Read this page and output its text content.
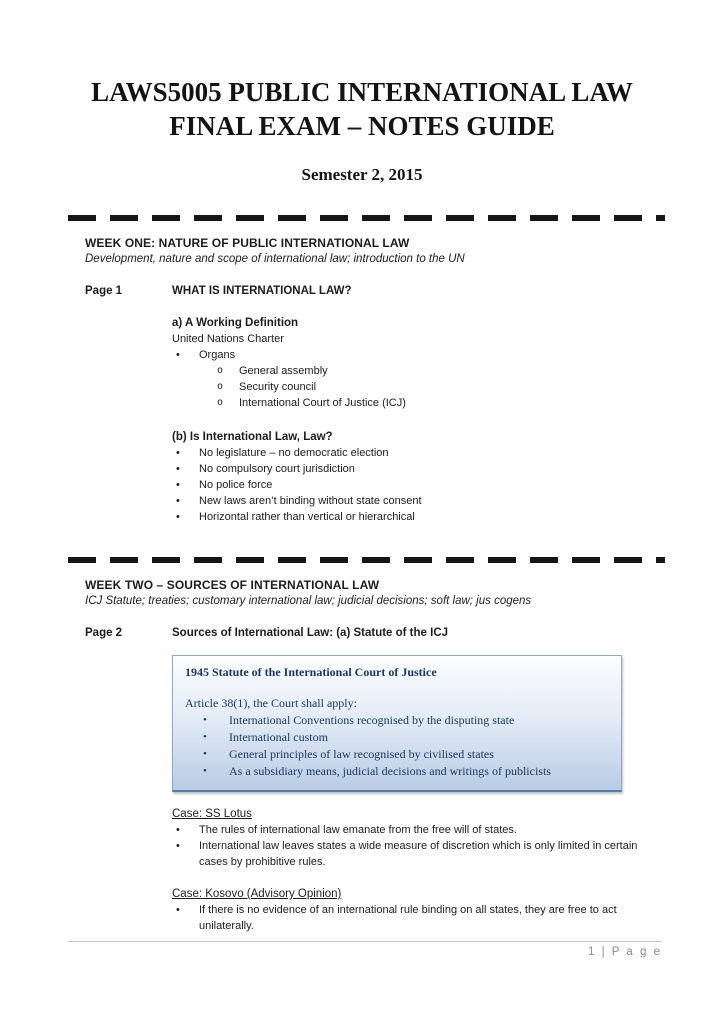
LAWS5005 PUBLIC INTERNATIONAL LAW
FINAL EXAM – NOTES GUIDE
Semester 2, 2015
WEEK ONE: NATURE OF PUBLIC INTERNATIONAL LAW
Development, nature and scope of international law; introduction to the UN
Page 1	WHAT IS INTERNATIONAL LAW?
a) A Working Definition
United Nations Charter
• Organs
o General assembly
o Security council
o International Court of Justice (ICJ)
(b) Is International Law, Law?
• No legislature – no democratic election
• No compulsory court jurisdiction
• No police force
• New laws aren’t binding without state consent
• Horizontal rather than vertical or hierarchical
WEEK TWO – SOURCES OF INTERNATIONAL LAW
ICJ Statute; treaties; customary international law; judicial decisions; soft law; jus cogens
Page 2	Sources of International Law: (a) Statute of the ICJ
1945 Statute of the International Court of Justice
Article 38(1), the Court shall apply:
• International Conventions recognised by the disputing state
• International custom
• General principles of law recognised by civilised states
• As a subsidiary means, judicial decisions and writings of publicists
Case: SS Lotus
• The rules of international law emanate from the free will of states.
• International law leaves states a wide measure of discretion which is only limited in certain cases by prohibitive rules.
Case: Kosovo (Advisory Opinion)
• If there is no evidence of an international rule binding on all states, they are free to act unilaterally.
1 | P a g e
